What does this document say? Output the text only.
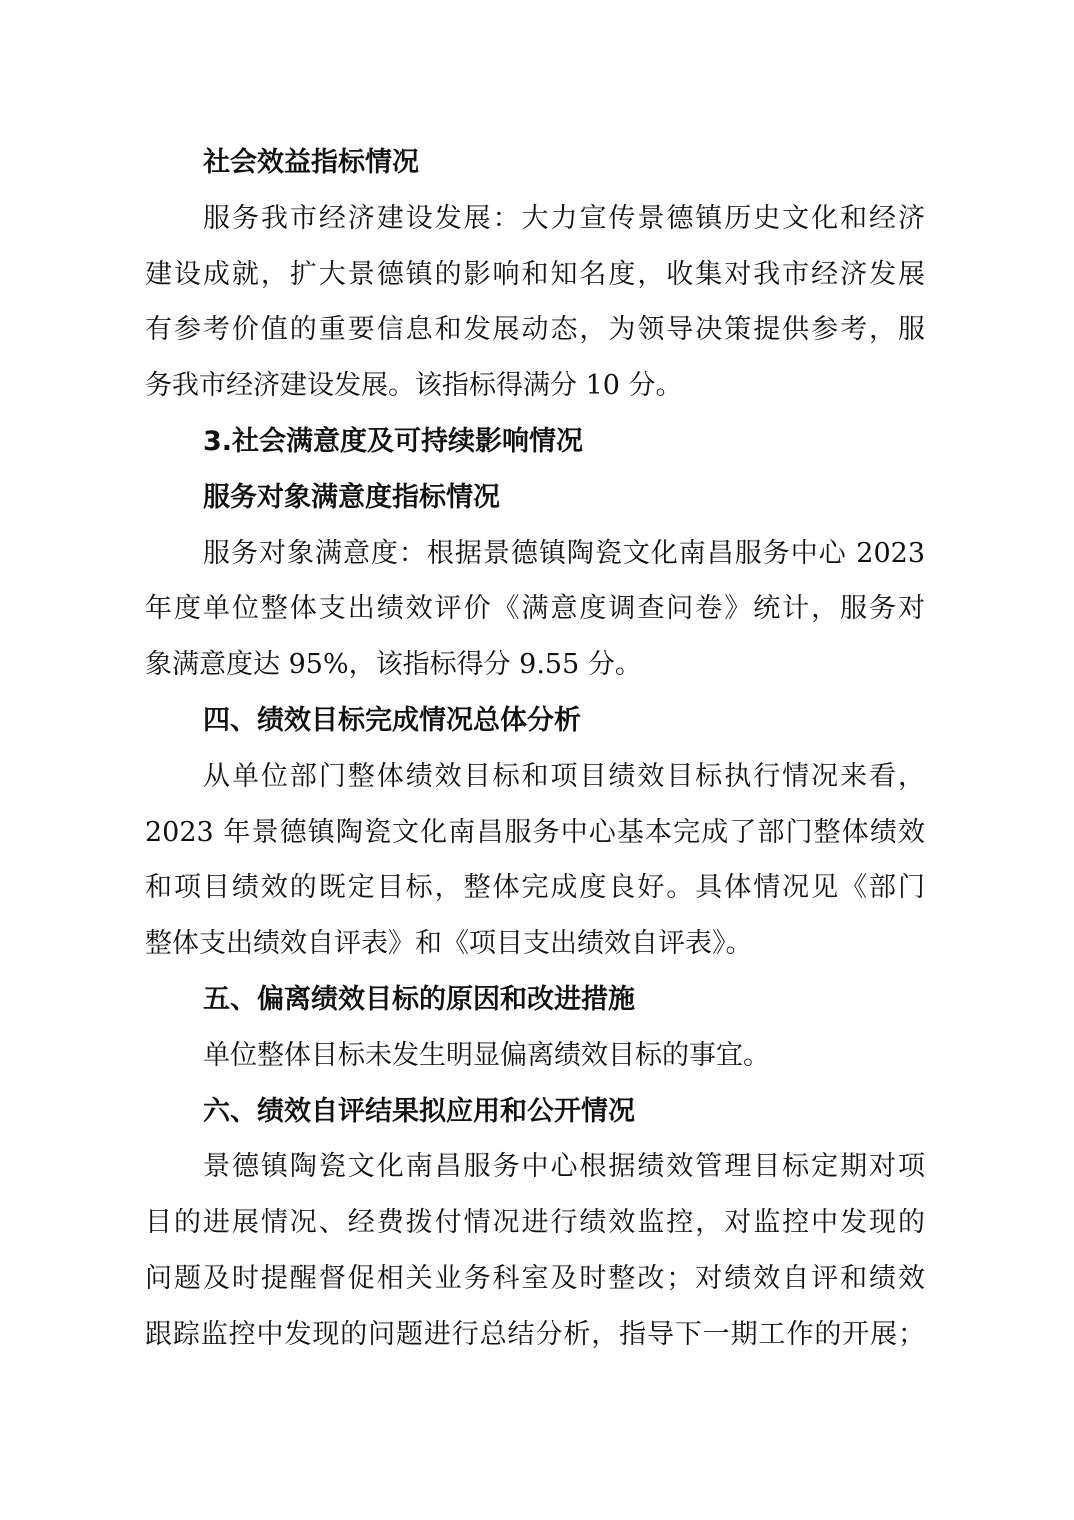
社会效益指标情况
服务我市经济建设发展：大力宣传景德镇历史文化和经济
建设成就，扩大景德镇的影响和知名度，收集对我市经济发展
有参考价值的重要信息和发展动态，为领导决策提供参考，服
务我市经济建设发展。该指标得满分 10 分。
3.社会满意度及可持续影响情况
服务对象满意度指标情况
服务对象满意度：根据景德镇陶瓷文化南昌服务中心 2023
年度单位整体支出绩效评价《满意度调查问卷》统计，服务对
象满意度达 95%，该指标得分 9.55 分。
四、绩效目标完成情况总体分析
从单位部门整体绩效目标和项目绩效目标执行情况来看，
2023 年景德镇陶瓷文化南昌服务中心基本完成了部门整体绩效
和项目绩效的既定目标，整体完成度良好。具体情况见《部门
整体支出绩效自评表》和《项目支出绩效自评表》。
五、偏离绩效目标的原因和改进措施
单位整体目标未发生明显偏离绩效目标的事宜。
六、绩效自评结果拟应用和公开情况
景德镇陶瓷文化南昌服务中心根据绩效管理目标定期对项
目的进展情况、经费拨付情况进行绩效监控，对监控中发现的
问题及时提醒督促相关业务科室及时整改；对绩效自评和绩效
跟踪监控中发现的问题进行总结分析，指导下一期工作的开展；
